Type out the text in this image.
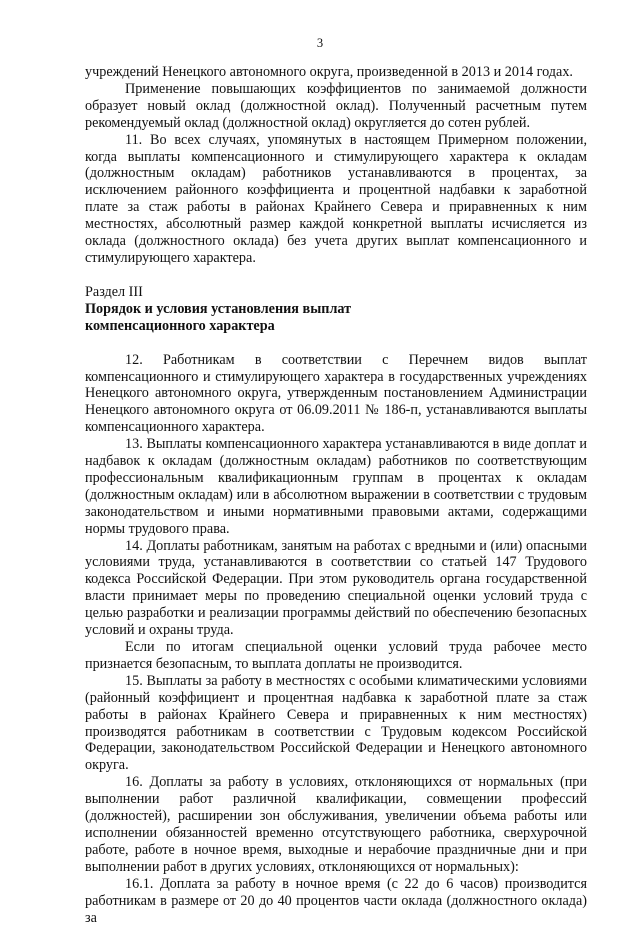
3

учреждений Ненецкого автономного округа, произведенной в 2013 и 2014 годах.

Применение повышающих коэффициентов по занимаемой должности образует новый оклад (должностной оклад). Полученный расчетным путем рекомендуемый оклад (должностной оклад) округляется до сотен рублей.

11. Во всех случаях, упомянутых в настоящем Примерном положении, когда выплаты компенсационного и стимулирующего характера к окладам (должностным окладам) работников устанавливаются в процентах, за исключением районного коэффициента и процентной надбавки к заработной плате за стаж работы в районах Крайнего Севера и приравненных к ним местностях, абсолютный размер каждой конкретной выплаты исчисляется из оклада (должностного оклада) без учета других выплат компенсационного и стимулирующего характера.

Раздел III

Порядок и условия установления выплат

компенсационного характера

12. Работникам в соответствии с Перечнем видов выплат компенсационного и стимулирующего характера в государственных учреждениях Ненецкого автономного округа, утвержденным постановлением Администрации Ненецкого автономного округа от 06.09.2011 № 186-п, устанавливаются выплаты компенсационного характера.

13. Выплаты компенсационного характера устанавливаются в виде доплат и надбавок к окладам (должностным окладам) работников по соответствующим профессиональным квалификационным группам в процентах к окладам (должностным окладам) или в абсолютном выражении в соответствии с трудовым законодательством и иными нормативными правовыми актами, содержащими нормы трудового права.

14. Доплаты работникам, занятым на работах с вредными и (или) опасными условиями труда, устанавливаются в соответствии со статьей 147 Трудового кодекса Российской Федерации. При этом руководитель органа государственной власти принимает меры по проведению специальной оценки условий труда с целью разработки и реализации программы действий по обеспечению безопасных условий и охраны труда.

Если по итогам специальной оценки условий труда рабочее место признается безопасным, то выплата доплаты не производится.

15. Выплаты за работу в местностях с особыми климатическими условиями (районный коэффициент и процентная надбавка к заработной плате за стаж работы в районах Крайнего Севера и приравненных к ним местностях) производятся работникам в соответствии с Трудовым кодексом Российской Федерации, законодательством Российской Федерации и Ненецкого автономного округа.

16. Доплаты за работу в условиях, отклоняющихся от нормальных (при выполнении работ различной квалификации, совмещении профессий (должностей), расширении зон обслуживания, увеличении объема работы или исполнении обязанностей временно отсутствующего работника, сверхурочной работе, работе в ночное время, выходные и нерабочие праздничные дни и при выполнении работ в других условиях, отклоняющихся от нормальных):

16.1. Доплата за работу в ночное время (с 22 до 6 часов) производится работникам в размере от 20 до 40 процентов части оклада (должностного оклада) за
